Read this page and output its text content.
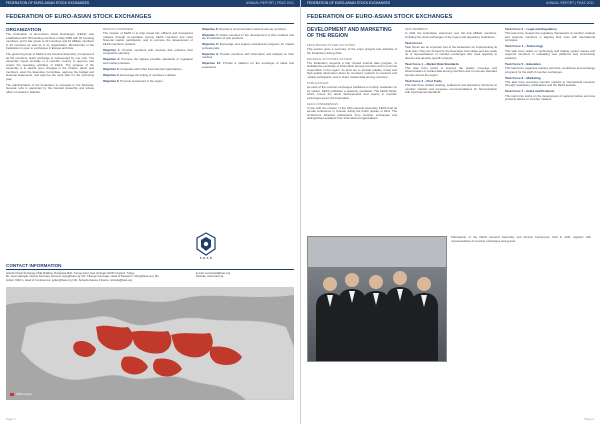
FEDERATION OF EURO-ASIAN STOCK EXCHANGES	ANNUAL REPORT | FEAS 2011
FEDERATION OF EURO-ASIAN STOCK EXCHANGES
ORGANIZATION

The Federation of Euro-Asian Stock Exchanges (FEAS) was established with 18 founding members in May 1995 with 32 founding members, and it has grown to 32 members and 10 affiliate members in 23 countries as well as to its organization. Membership of the Federation is open to exchanges in Europe and Asia.

The governing body of FEAS is the General Assembly, composed of all full members. Each exchange is represented by one vote. The Assembly meets annually in a member country to approve and review the operating activities of FEAS. The purpose of the Assembly is to decide upon changes in the Charter, admit new members, elect the Executive Committee, approve the budget and financial statements, and approve the work plan for the upcoming year.

The administration of the Federation is entrusted to the Secretary General, who is appointed by the General Assembly and whose office is located in Istanbul.

MISSION STATEMENT

The mission of FEAS is to help create fair, efficient and transparent markets through co-operation among FEAS members and other financial market participants, and to promote the development of FEAS members' markets.

Objective 1: Provide members with services that enhance their competitive standing.

Objective 2: Promote the highest possible standards of regulation and market practices.

Objective 3: Cooperate with other international organizations.

Objective 4: Encourage the linking of members' markets.

Objective 5: Promote investment in the region.

Objective 6: Develop a communication network among members.

Objective 7: Assist members in the development of their markets and the introduction of new products.

Objective 8: Encourage and support educational programs for market professionals.

Objective 9: Provide members with information and analysis on their markets.

Objective 10: Provide a platform for the exchange of ideas and experience.

F E A S
CONTACT INFORMATION
Istanbul Stock Exchange (ISE) Building, Resitpasa Mah. Tuncay Artun Cad. Emirgan 34467 Istanbul, Turkey
Ms. Ayse Hacioglu, Deputy Secretary General: ayse@feas.org | Mr. Cihangir Gencoglu, Head of Research: cihan@feas.org | Ms. Gulten Yildirim, Head of Conferences: gulten@feas.org | Ms. Suheyla Karaca, Finance: suheyla@feas.org
E-mail: secretariat@feas.org
Website: www.feas.org
FEAS region
Page 2
FEDERATION OF EURO-ASIAN STOCK EXCHANGES	ANNUAL REPORT | FEAS 2011
FEDERATION OF EURO-ASIAN STOCK EXCHANGES
DEVELOPMENT AND MARKETING
OF THE REGION
FEAS PROJECTS AND ACTIVITIES

This section gives a summary of the major projects and activities of the Federation during 2011.

MATERIAL ACTIVITIES OF FEAS

The Federation supports a fully funded internal data program, to facilitate the exchange of information among members and to promote cooperation in the region. Its aims are to provide reliable, timely and high quality information about its members' markets to investors and market participants, and to share market data among members.

PUBLICATIONS

As each of the member exchanges publishes a monthly newsletter on its market, FEAS publishes a quarterly newsletter, The FEAS News, which covers the latest developments and events in member exchanges and in the Federation.

FEAS CONFERENCES

In line with the mission of the 16th General Assembly, FEAS held its annual conference in Yerevan during the fourth quarter of 2011. The conference attracted participants from member exchanges and distinguished speakers from international organizations.

NEW MEMBERS

In 2011 the Federation welcomed new full and affiliate members, including the stock exchanges of the region and depository institutions.

Task Forces

Task forces are an important tool of the Federation for implementing its work plan. They are formed by the Executive Committee and are made up of representatives of member exchanges who meet regularly to discuss and develop specific projects.

Task Force 1 – Market Data Standards

This task force works to improve the quality, coverage and dissemination of market data among members and to promote standard formats across the region.

Task Force 2 – Post Trade

This task force studies clearing, settlement and depository structures in member markets and proposes recommendations for harmonization with international standards.

Task Force 3 – Legal and Regulatory

This task force reviews the regulatory frameworks of member markets and supports members in aligning their rules with international principles.

Task Force 4 – Technology

This task force works on technology and trading system issues and supports members in evaluating new platforms and connectivity solutions.

Task Force 5 – Education

This task force organizes training seminars, workshops and exchange programs for the staff of member exchanges.

Task Force 6 – Marketing

This task force promotes member markets to international investors through roadshows, publications and the FEAS website.

Task Force 7 – Index and Products

This task force works on the development of regional indices and new products based on member markets.

Participants of the FEAS General Assembly and Annual Conference held in 2011 together with representatives of member exchanges and guests.
Page 3
